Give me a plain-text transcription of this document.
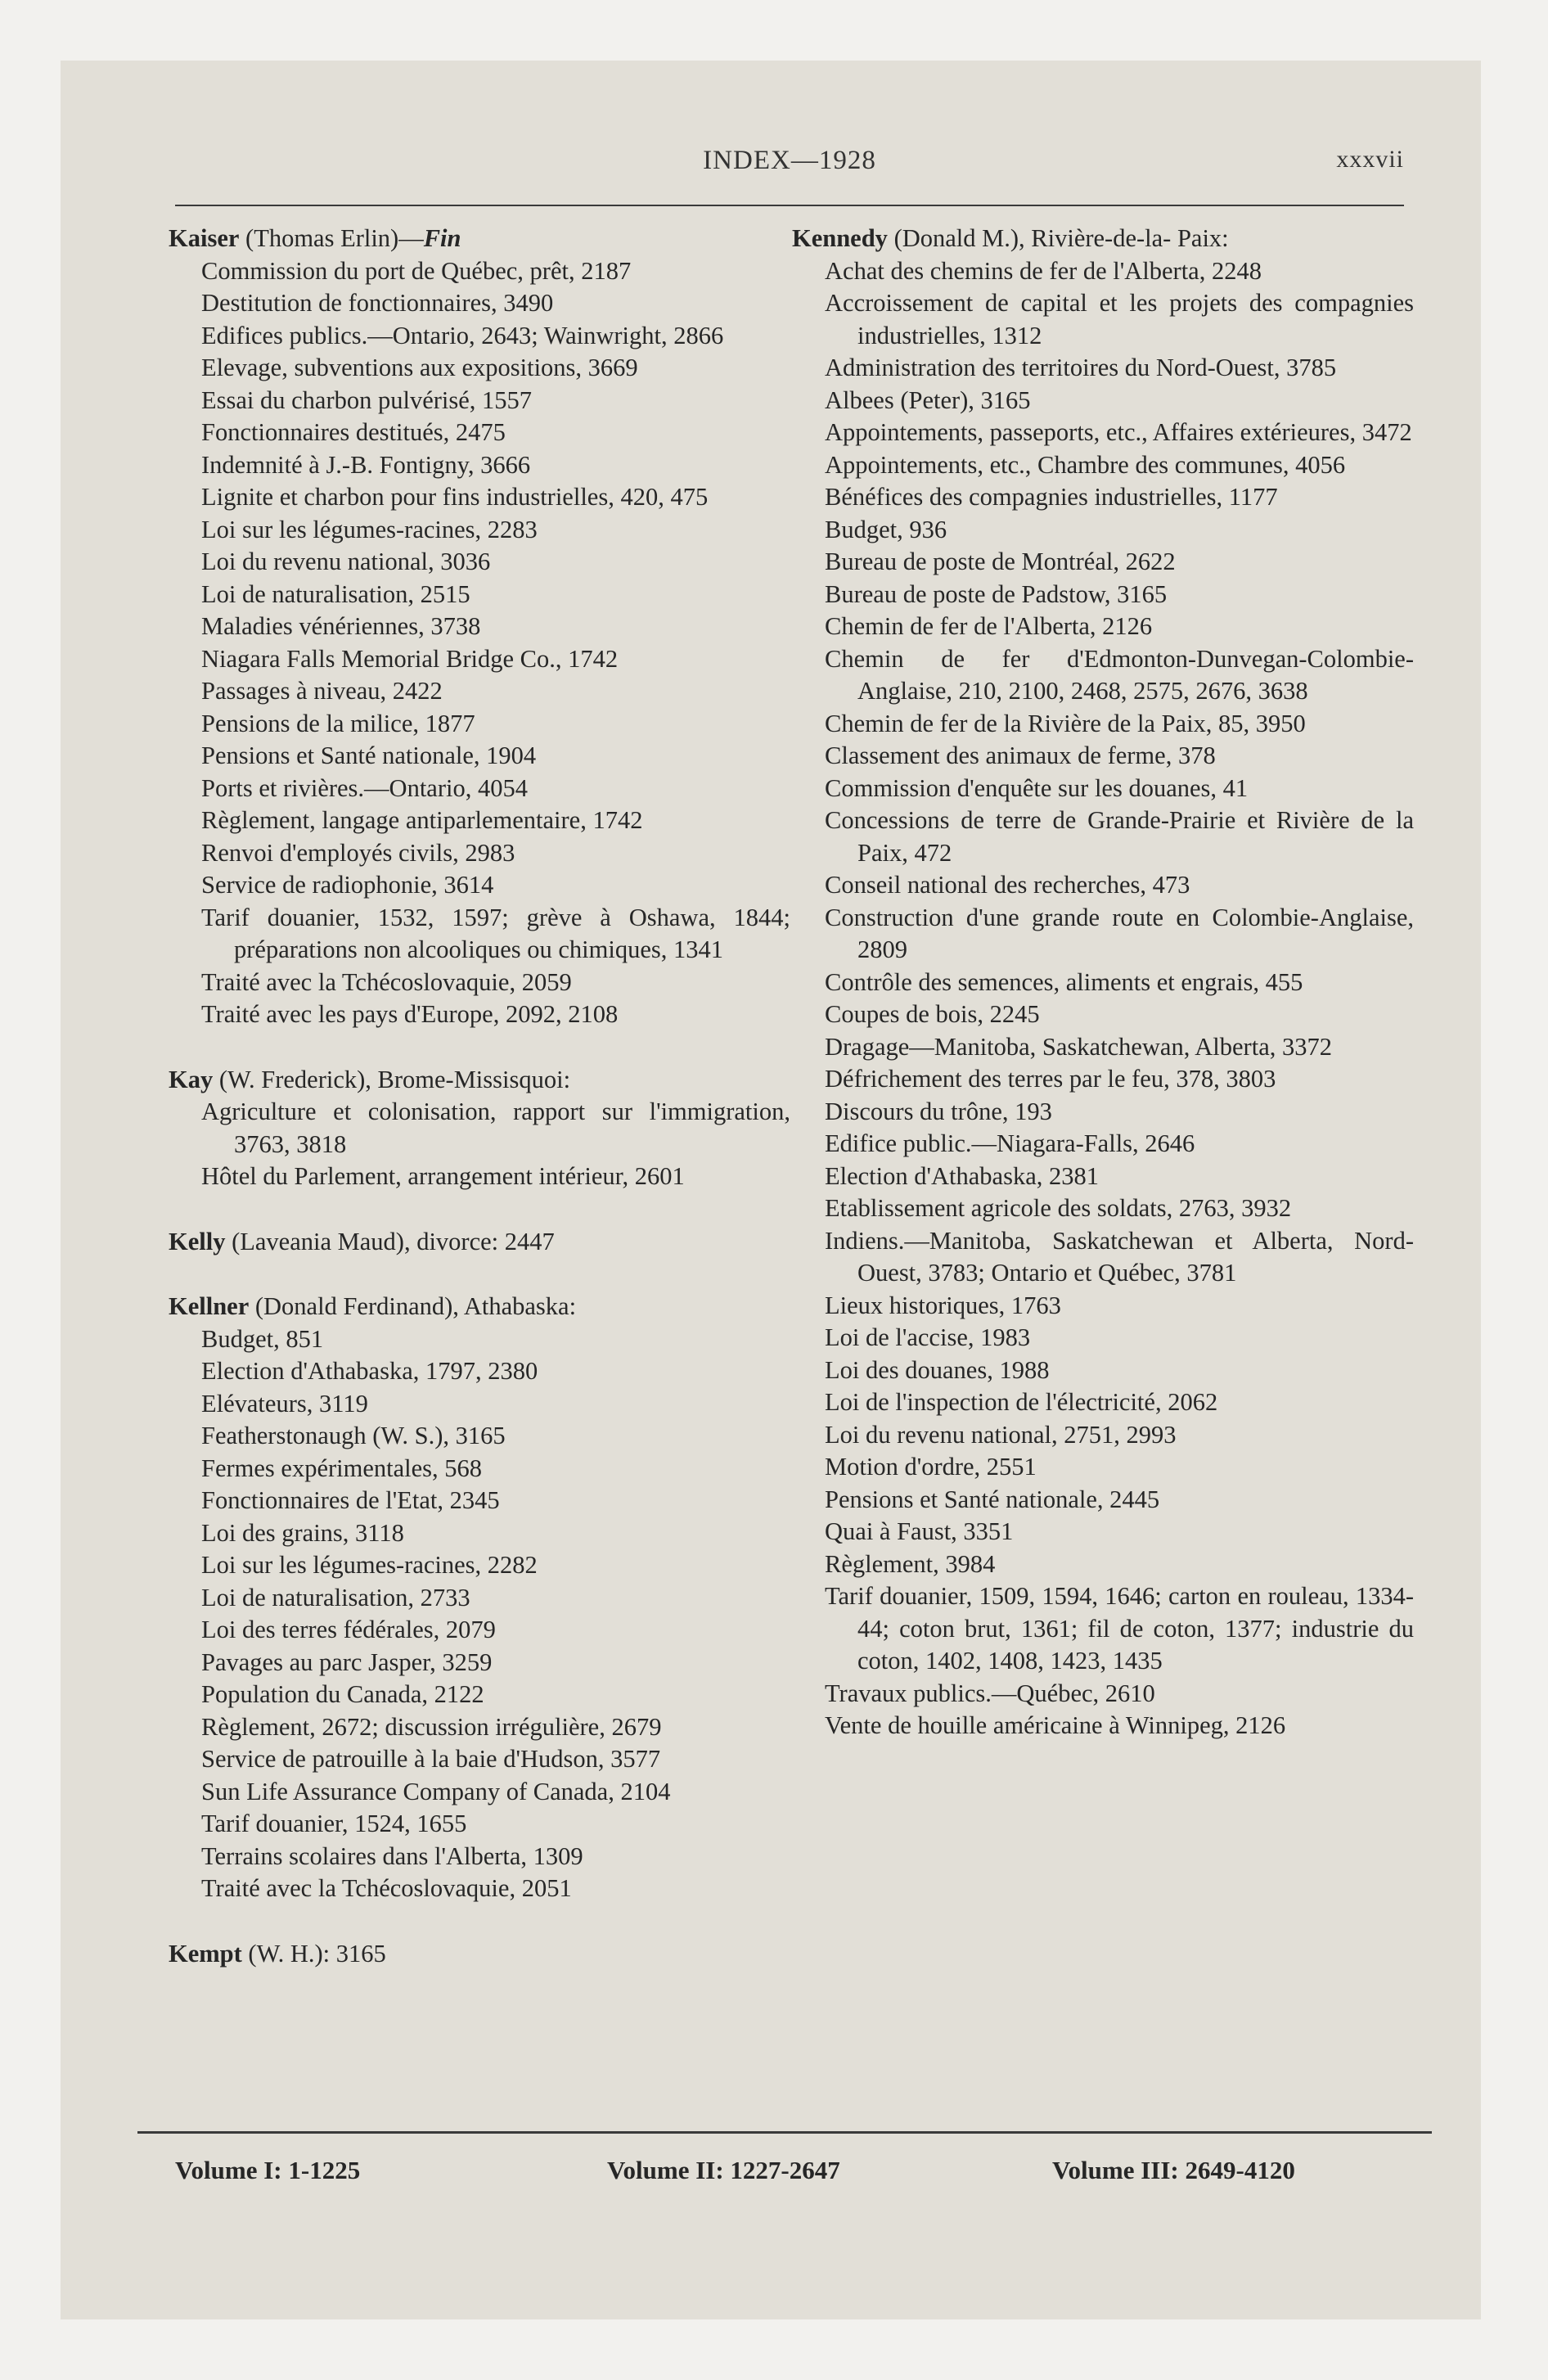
INDEX—1928	xxxvii
Kaiser (Thomas Erlin)—Fin
Commission du port de Québec, prêt, 2187
Destitution de fonctionnaires, 3490
Edifices publics.—Ontario, 2643; Wainwright, 2866
Elevage, subventions aux expositions, 3669
Essai du charbon pulvérisé, 1557
Fonctionnaires destitués, 2475
Indemnité à J.-B. Fontigny, 3666
Lignite et charbon pour fins industrielles, 420, 475
Loi sur les légumes-racines, 2283
Loi du revenu national, 3036
Loi de naturalisation, 2515
Maladies vénériennes, 3738
Niagara Falls Memorial Bridge Co., 1742
Passages à niveau, 2422
Pensions de la milice, 1877
Pensions et Santé nationale, 1904
Ports et rivières.—Ontario, 4054
Règlement, langage antiparlementaire, 1742
Renvoi d'employés civils, 2983
Service de radiophonie, 3614
Tarif douanier, 1532, 1597; grève à Oshawa, 1844; préparations non alcooliques ou chimiques, 1341
Traité avec la Tchécoslovaquie, 2059
Traité avec les pays d'Europe, 2092, 2108
Kay (W. Frederick), Brome-Missisquoi:
Agriculture et colonisation, rapport sur l'immigration, 3763, 3818
Hôtel du Parlement, arrangement intérieur, 2601
Kelly (Laveania Maud), divorce: 2447
Kellner (Donald Ferdinand), Athabaska:
Budget, 851
Election d'Athabaska, 1797, 2380
Elévateurs, 3119
Featherstonaugh (W. S.), 3165
Fermes expérimentales, 568
Fonctionnaires de l'Etat, 2345
Loi des grains, 3118
Loi sur les légumes-racines, 2282
Loi de naturalisation, 2733
Loi des terres fédérales, 2079
Pavages au parc Jasper, 3259
Population du Canada, 2122
Règlement, 2672; discussion irrégulière, 2679
Service de patrouille à la baie d'Hudson, 3577
Sun Life Assurance Company of Canada, 2104
Tarif douanier, 1524, 1655
Terrains scolaires dans l'Alberta, 1309
Traité avec la Tchécoslovaquie, 2051
Kempt (W. H.): 3165
Kennedy (Donald M.), Rivière-de-la- Paix:
Achat des chemins de fer de l'Alberta, 2248
Accroissement de capital et les projets des compagnies industrielles, 1312
Administration des territoires du Nord-Ouest, 3785
Albees (Peter), 3165
Appointements, passeports, etc., Affaires extérieures, 3472
Appointements, etc., Chambre des communes, 4056
Bénéfices des compagnies industrielles, 1177
Budget, 936
Bureau de poste de Montréal, 2622
Bureau de poste de Padstow, 3165
Chemin de fer de l'Alberta, 2126
Chemin de fer d'Edmonton-Dunvegan-Colombie-Anglaise, 210, 2100, 2468, 2575, 2676, 3638
Chemin de fer de la Rivière de la Paix, 85, 3950
Classement des animaux de ferme, 378
Commission d'enquête sur les douanes, 41
Concessions de terre de Grande-Prairie et Rivière de la Paix, 472
Conseil national des recherches, 473
Construction d'une grande route en Colombie-Anglaise, 2809
Contrôle des semences, aliments et engrais, 455
Coupes de bois, 2245
Dragage—Manitoba, Saskatchewan, Alberta, 3372
Défrichement des terres par le feu, 378, 3803
Discours du trône, 193
Edifice public.—Niagara-Falls, 2646
Election d'Athabaska, 2381
Etablissement agricole des soldats, 2763, 3932
Indiens.—Manitoba, Saskatchewan et Alberta, Nord-Ouest, 3783; Ontario et Québec, 3781
Lieux historiques, 1763
Loi de l'accise, 1983
Loi des douanes, 1988
Loi de l'inspection de l'électricité, 2062
Loi du revenu national, 2751, 2993
Motion d'ordre, 2551
Pensions et Santé nationale, 2445
Quai à Faust, 3351
Règlement, 3984
Tarif douanier, 1509, 1594, 1646; carton en rouleau, 1334-44; coton brut, 1361; fil de coton, 1377; industrie du coton, 1402, 1408, 1423, 1435
Travaux publics.—Québec, 2610
Vente de houille américaine à Winnipeg, 2126
Volume I: 1-1225	Volume II: 1227-2647	Volume III: 2649-4120
